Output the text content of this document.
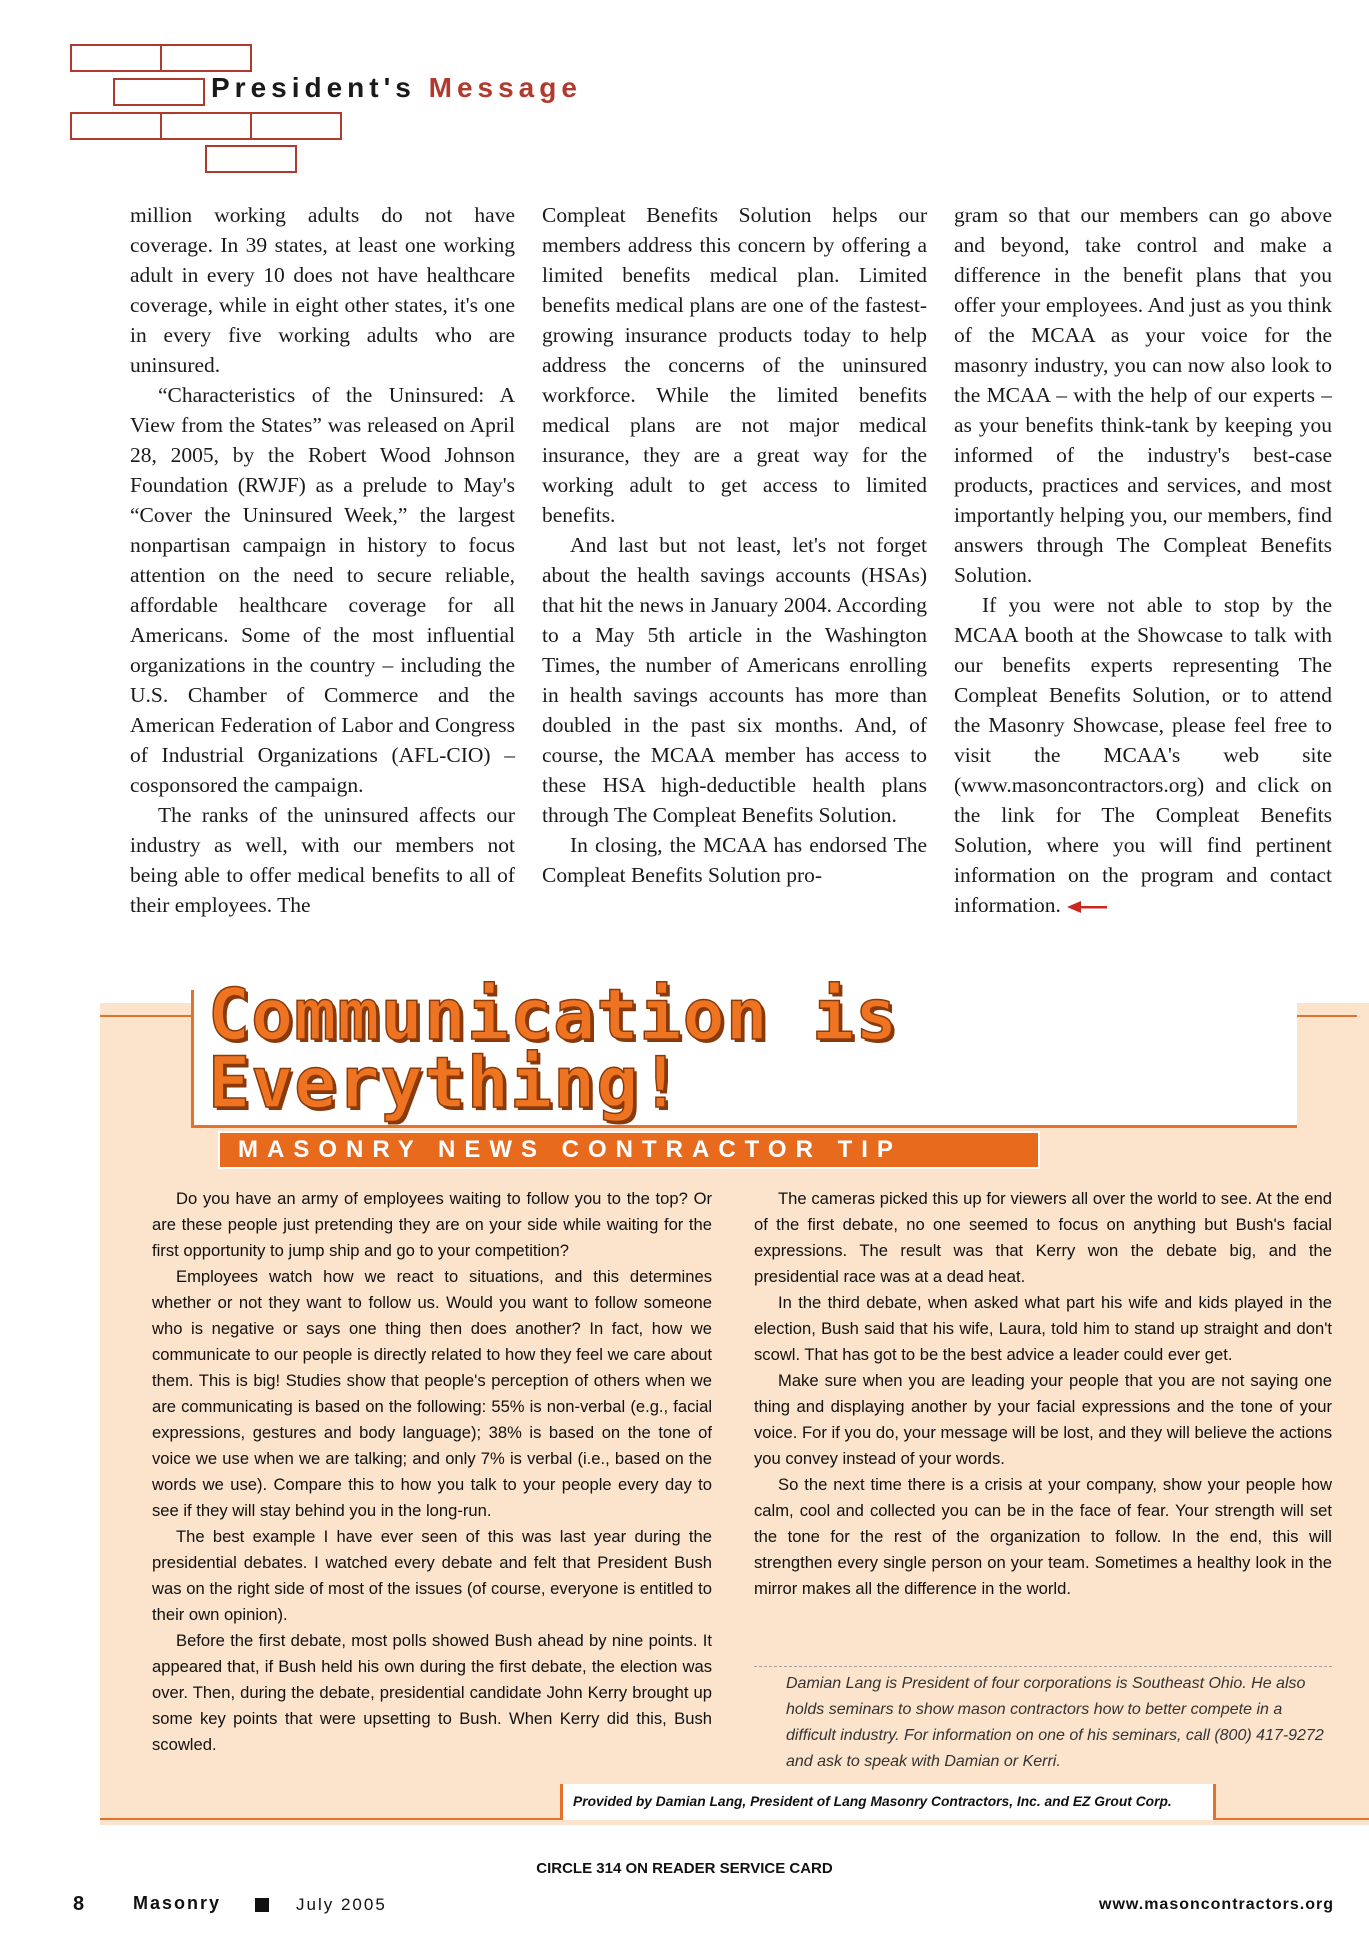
President's Message

million working adults do not have coverage. In 39 states, at least one working adult in every 10 does not have healthcare coverage, while in eight other states, it's one in every five working adults who are uninsured.

“Characteristics of the Uninsured: A View from the States” was released on April 28, 2005, by the Robert Wood Johnson Foundation (RWJF) as a prelude to May's “Cover the Uninsured Week,” the largest nonpartisan campaign in history to focus attention on the need to secure reliable, affordable healthcare coverage for all Americans. Some of the most influential organizations in the country – including the U.S. Chamber of Commerce and the American Federation of Labor and Congress of Industrial Organizations (AFL-CIO) – cosponsored the campaign.

The ranks of the uninsured affects our industry as well, with our members not being able to offer medical benefits to all of their employees. The

Compleat Benefits Solution helps our members address this concern by offering a limited benefits medical plan. Limited benefits medical plans are one of the fastest-growing insurance products today to help address the concerns of the uninsured workforce. While the limited benefits medical plans are not major medical insurance, they are a great way for the working adult to get access to limited benefits.

And last but not least, let's not forget about the health savings accounts (HSAs) that hit the news in January 2004. According to a May 5th article in the Washington Times, the number of Americans enrolling in health savings accounts has more than doubled in the past six months. And, of course, the MCAA member has access to these HSA high-deductible health plans through The Compleat Benefits Solution.

In closing, the MCAA has endorsed The Compleat Benefits Solution pro-

gram so that our members can go above and beyond, take control and make a difference in the benefit plans that you offer your employees. And just as you think of the MCAA as your voice for the masonry industry, you can now also look to the MCAA – with the help of our experts – as your benefits think-tank by keeping you informed of the industry's best-case products, practices and services, and most importantly helping you, our members, find answers through The Compleat Benefits Solution.

If you were not able to stop by the MCAA booth at the Showcase to talk with our benefits experts representing The Compleat Benefits Solution, or to attend the Masonry Showcase, please feel free to visit the MCAA's web site (www.masoncontractors.org) and click on the link for The Compleat Benefits Solution, where you will find pertinent information on the program and contact information.

Communication is
Everything!
MASONRY NEWS CONTRACTOR TIP

Do you have an army of employees waiting to follow you to the top? Or are these people just pretending they are on your side while waiting for the first opportunity to jump ship and go to your competition?

Employees watch how we react to situations, and this determines whether or not they want to follow us. Would you want to follow someone who is negative or says one thing then does another? In fact, how we communicate to our people is directly related to how they feel we care about them. This is big! Studies show that people's perception of others when we are communicating is based on the following: 55% is non-verbal (e.g., facial expressions, gestures and body language); 38% is based on the tone of voice we use when we are talking; and only 7% is verbal (i.e., based on the words we use). Compare this to how you talk to your people every day to see if they will stay behind you in the long-run.

The best example I have ever seen of this was last year during the presidential debates. I watched every debate and felt that President Bush was on the right side of most of the issues (of course, everyone is entitled to their own opinion).

Before the first debate, most polls showed Bush ahead by nine points. It appeared that, if Bush held his own during the first debate, the election was over. Then, during the debate, presidential candidate John Kerry brought up some key points that were upsetting to Bush. When Kerry did this, Bush scowled.

The cameras picked this up for viewers all over the world to see. At the end of the first debate, no one seemed to focus on anything but Bush's facial expressions. The result was that Kerry won the debate big, and the presidential race was at a dead heat.

In the third debate, when asked what part his wife and kids played in the election, Bush said that his wife, Laura, told him to stand up straight and don't scowl. That has got to be the best advice a leader could ever get.

Make sure when you are leading your people that you are not saying one thing and displaying another by your facial expressions and the tone of your voice. For if you do, your message will be lost, and they will believe the actions you convey instead of your words.

So the next time there is a crisis at your company, show your people how calm, cool and collected you can be in the face of fear. Your strength will set the tone for the rest of the organization to follow. In the end, this will strengthen every single person on your team. Sometimes a healthy look in the mirror makes all the difference in the world.

Damian Lang is President of four corporations is Southeast Ohio. He also holds seminars to show mason contractors how to better compete in a difficult industry. For information on one of his seminars, call (800) 417-9272 and ask to speak with Damian or Kerri.
Provided by Damian Lang, President of Lang Masonry Contractors, Inc. and EZ Grout Corp.
CIRCLE 314 ON READER SERVICE CARD
8	Masonry	July 2005	www.masoncontractors.org
